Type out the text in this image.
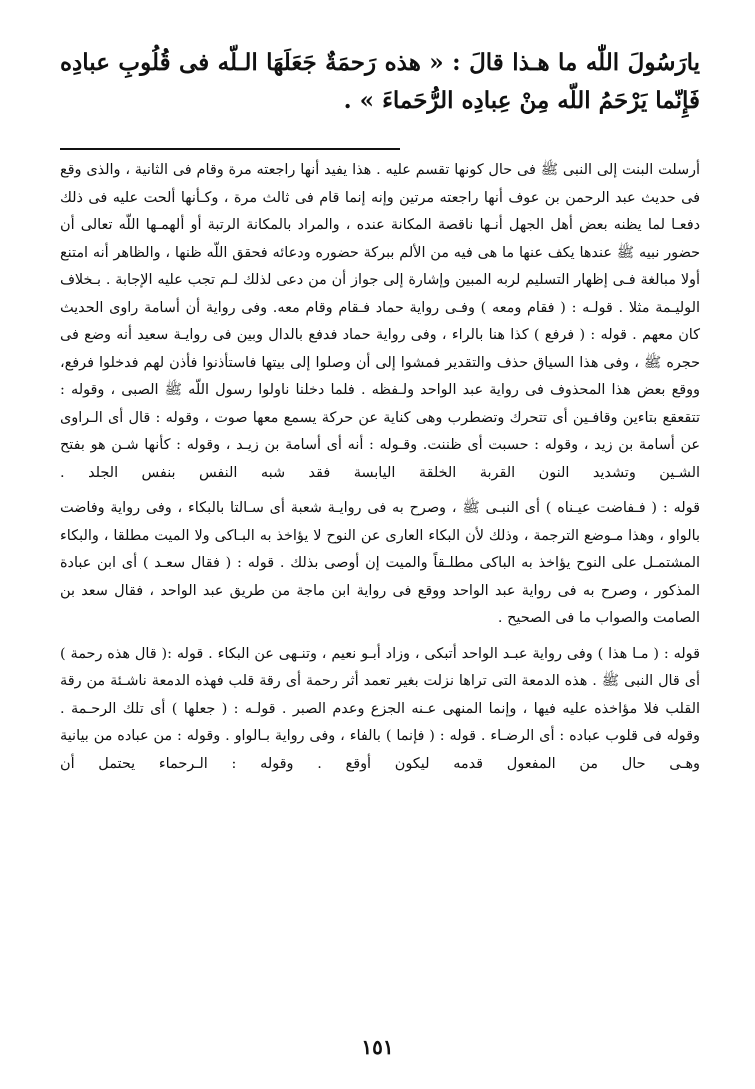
يارَسُولَ اللّٰه ما هـذا قالَ : « هذه رَحمَةٌ جَعَلَهَا الـلّه فى قُلُوبِ عبادِه فَإِنّما يَرْحَمُ اللّه مِنْ عِبادِه الرُّحَماءَ » .

أرسلت البنت إلى النبى ﷺ فى حال كونها تقسم عليه . هذا يفيد أنها راجعته مرة وقام فى الثانية ، والذى وقع فى حديث عبد الرحمن بن عوف أنها راجعته مرتين وإنه إنما قام فى ثالث مرة ، وكـأنها ألحت عليه فى ذلك دفعـا لما يظنه بعض أهل الجهل أنـها ناقصة المكانة عنده ، والمراد بالمكانة الرتبة أو ألهمـها اللّه تعالى أن حضور نبيه ﷺ عندها يكف عنها ما هى فيه من الألم ببركة حضوره ودعائه فحقق اللّه ظنها ، والظاهر أنه امتنع أولا مبالغة فـى إظهار التسليم لربه المبين وإشارة إلى جواز أن من دعى لذلك لـم تجب عليه الإجابة . بـخلاف الوليـمة مثلا . قولـه : ( فقام ومعه ) وفـى رواية حماد فـقام وقام معه. وفى رواية أن أسامة راوى الحديث كان معهم . قوله : ( فرفع ) كذا هنا بالراء ، وفى رواية حماد فدفع بالدال وبين فى روايـة سعيد أنه وضع فى حجره ﷺ ، وفى هذا السياق حذف والتقدير فمشوا إلى أن وصلوا إلى بيتها فاستأذنوا فأذن لهم فدخلوا فرفع، ووقع بعض هذا المحذوف فى رواية عبد الواحد ولـفظه . فلما دخلنا ناولوا رسول اللّه ﷺ الصبى ، وقوله : تتقعقع بتاءين وقافـين أى تتحرك وتضطرب وهى كناية عن حركة يسمع معها صوت ، وقوله : قال أى الـراوى عن أسامة بن زيد ، وقوله : حسبت أى ظننت. وقـوله : أنه أى أسامة بن زيـد ، وقوله : كأنها شـن هو بفتح الشـين وتشديد النون القربة الخلقة اليابسة فقد شبه النفس بنفس الجلد .

قوله : ( فـفاضت عيـناه ) أى النبـى ﷺ ، وصرح به فى روايـة شعبة أى سـالتا بالبكاء ، وفى رواية وفاضت بالواو ، وهذا مـوضع الترجمة ، وذلك لأن البكاء العارى عن النوح لا يؤاخذ به البـاكى ولا الميت مطلقا ، والبكاء المشتمـل على النوح يؤاخذ به الباكى مطلـقاً والميت إن أوصى بذلك . قوله : ( فقال سعـد ) أى ابن عبادة المذكور ، وصرح به فى رواية عبد الواحد ووقع فى رواية ابن ماجة من طريق عبد الواحد ، فقال سعد بن الصامت والصواب ما فى الصحيح .

قوله : ( مـا هذا ) وفى رواية عبـد الواحد أتبكى ، وزاد أبـو نعيم ، وتنـهى عن البكاء . قوله :( قال هذه رحمة ) أى قال النبى ﷺ . هذه الدمعة التى تراها نزلت بغير تعمد أثر رحمة أى رقة قلب فهذه الدمعة ناشـئة من رقة القلب فلا مؤاخذه عليه فيها ، وإنما المنهى عـنه الجزع وعدم الصبر . قولـه : ( جعلها ) أى تلك الرحـمة . وقوله فى قلوب عباده : أى الرضـاء . قوله : ( فإنما ) بالفاء ، وفى رواية بـالواو . وقوله : من عباده من بيانية وهـى حال من المفعول قدمه ليكون أوقع . وقوله : الـرحماء يحتمل أن

١٥١
